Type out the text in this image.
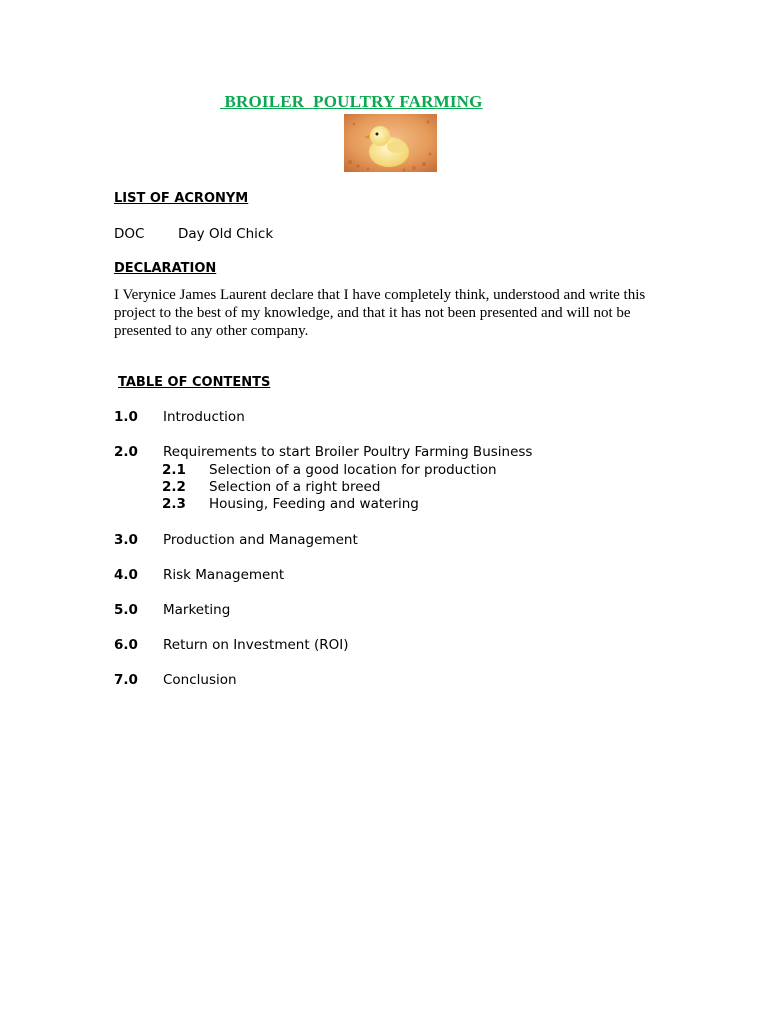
BROILER  POULTRY FARMING
LIST OF ACRONYM
DOC Day Old Chick
DECLARATION
I Verynice James Laurent declare that I have completely think, understood and write this project to the best of my knowledge, and that it has not been presented and will not be presented to any other company.
TABLE OF CONTENTS
1.0 Introduction
2.0 Requirements to start Broiler Poultry Farming Business
2.1 Selection of a good location for production
2.2 Selection of a right breed
2.3 Housing, Feeding and watering
3.0 Production and Management
4.0 Risk Management
5.0 Marketing
6.0 Return on Investment (ROI)
7.0 Conclusion
